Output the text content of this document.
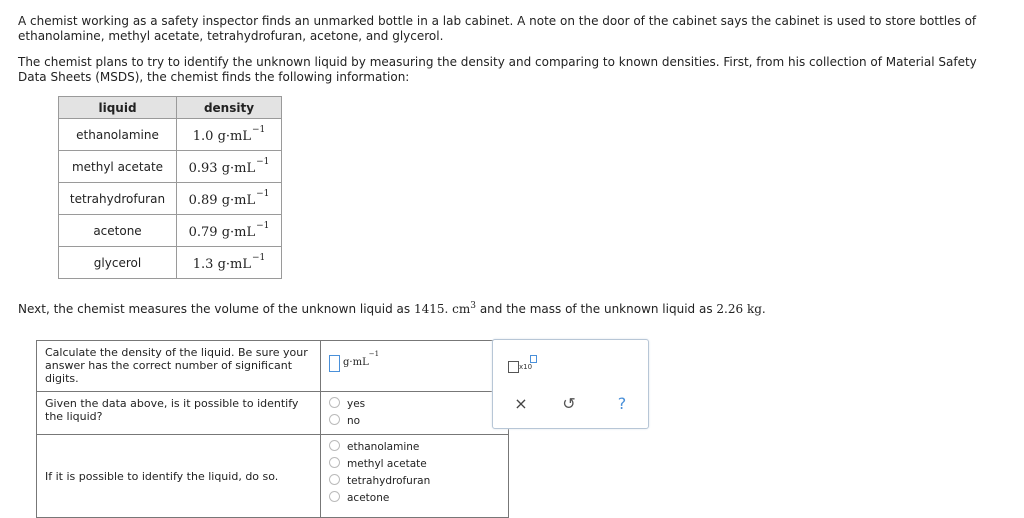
A chemist working as a safety inspector finds an unmarked bottle in a lab cabinet. A note on the door of the cabinet says the cabinet is used to store bottles of ethanolamine, methyl acetate, tetrahydrofuran, acetone, and glycerol.
The chemist plans to try to identify the unknown liquid by measuring the density and comparing to known densities. First, from his collection of Material Safety Data Sheets (MSDS), the chemist finds the following information:
liquid	density
ethanolamine	1.0 $g\cdot mL^{-1}$
methyl acetate	0.93 $g\cdot mL^{-1}$
tetrahydrofuran	0.89 $g\cdot mL^{-1}$
acetone	0.79 $g\cdot mL^{-1}$
glycerol	1.3 $g\cdot mL^{-1}$
Next, the chemist measures the volume of the unknown liquid as 1415. $cm^3$ and the mass of the unknown liquid as 2.26 kg.
Calculate the density of the liquid. Be sure your answer has the correct number of significant digits.	$g\cdot mL^{-1}$
Given the data above, is it possible to identify the liquid?	yes
no

If it is possible to identify the liquid, do so.	ethanolamine
methyl acetate
tetrahydrofuran
acetone
x10
× ↺	?
